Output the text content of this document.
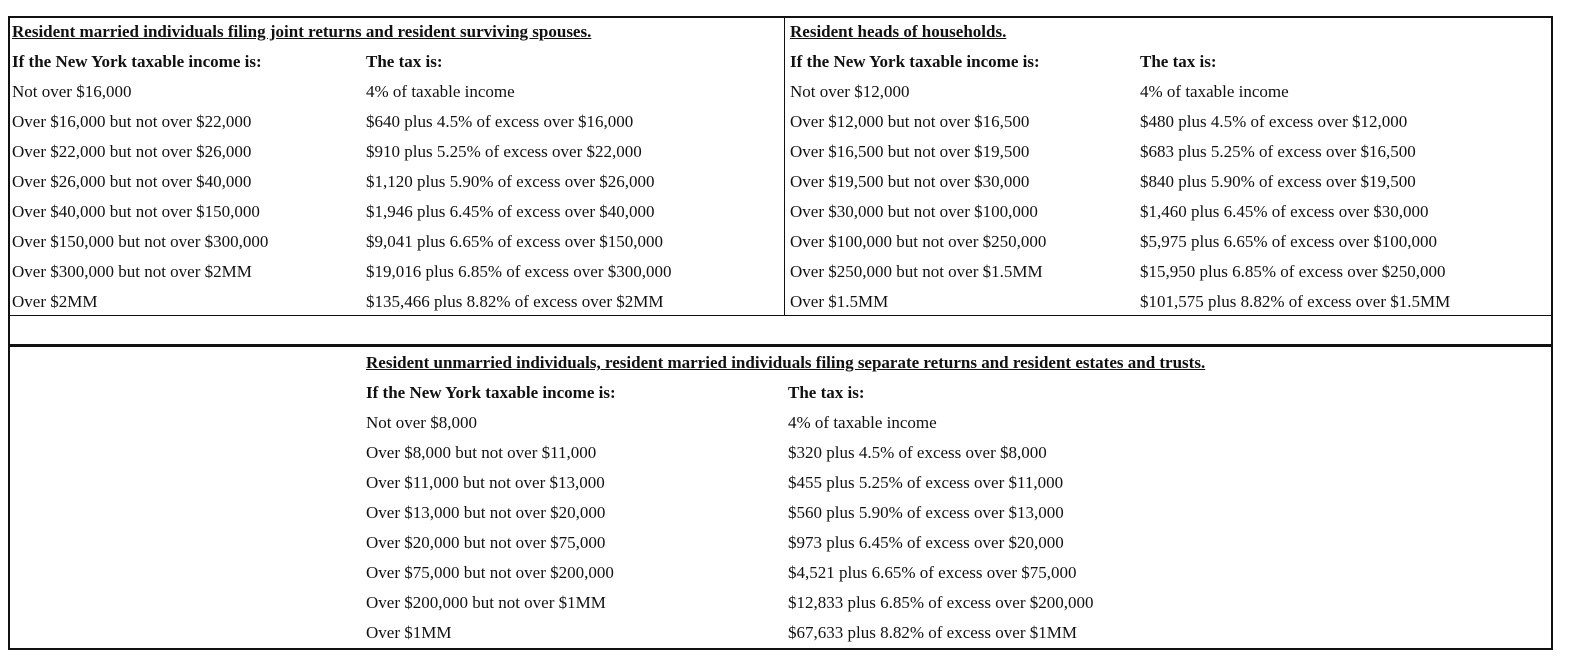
Resident married individuals filing joint returns and resident surviving spouses.
If the New York taxable income is:
Not over $16,000
Over $16,000 but not over $22,000
Over $22,000 but not over $26,000
Over $26,000 but not over $40,000
Over $40,000 but not over $150,000
Over $150,000 but not over $300,000
Over $300,000 but not over $2MM
Over $2MM
The tax is:
4% of taxable income
$640 plus 4.5% of excess over $16,000
$910 plus 5.25% of excess over $22,000
$1,120 plus 5.90% of excess over $26,000
$1,946 plus 6.45% of excess over $40,000
$9,041 plus 6.65% of excess over $150,000
$19,016 plus 6.85% of excess over $300,000
$135,466 plus 8.82% of excess over $2MM
Resident heads of households.
If the New York taxable income is:
Not over $12,000
Over $12,000 but not over $16,500
Over $16,500 but not over $19,500
Over $19,500 but not over $30,000
Over $30,000 but not over $100,000
Over $100,000 but not over $250,000
Over $250,000 but not over $1.5MM
Over $1.5MM
The tax is:
4% of taxable income
$480 plus 4.5% of excess over $12,000
$683 plus 5.25% of excess over $16,500
$840 plus 5.90% of excess over $19,500
$1,460 plus 6.45% of excess over $30,000
$5,975 plus 6.65% of excess over $100,000
$15,950 plus 6.85% of excess over $250,000
$101,575 plus 8.82% of excess over $1.5MM
Resident unmarried individuals, resident married individuals filing separate returns and resident estates and trusts.
If the New York taxable income is:
Not over $8,000
Over $8,000 but not over $11,000
Over $11,000 but not over $13,000
Over $13,000 but not over $20,000
Over $20,000 but not over $75,000
Over $75,000 but not over $200,000
Over $200,000 but not over $1MM
Over $1MM
The tax is:
4% of taxable income
$320 plus 4.5% of excess over $8,000
$455 plus 5.25% of excess over $11,000
$560 plus 5.90% of excess over $13,000
$973 plus 6.45% of excess over $20,000
$4,521 plus 6.65% of excess over $75,000
$12,833 plus 6.85% of excess over $200,000
$67,633 plus 8.82% of excess over $1MM
